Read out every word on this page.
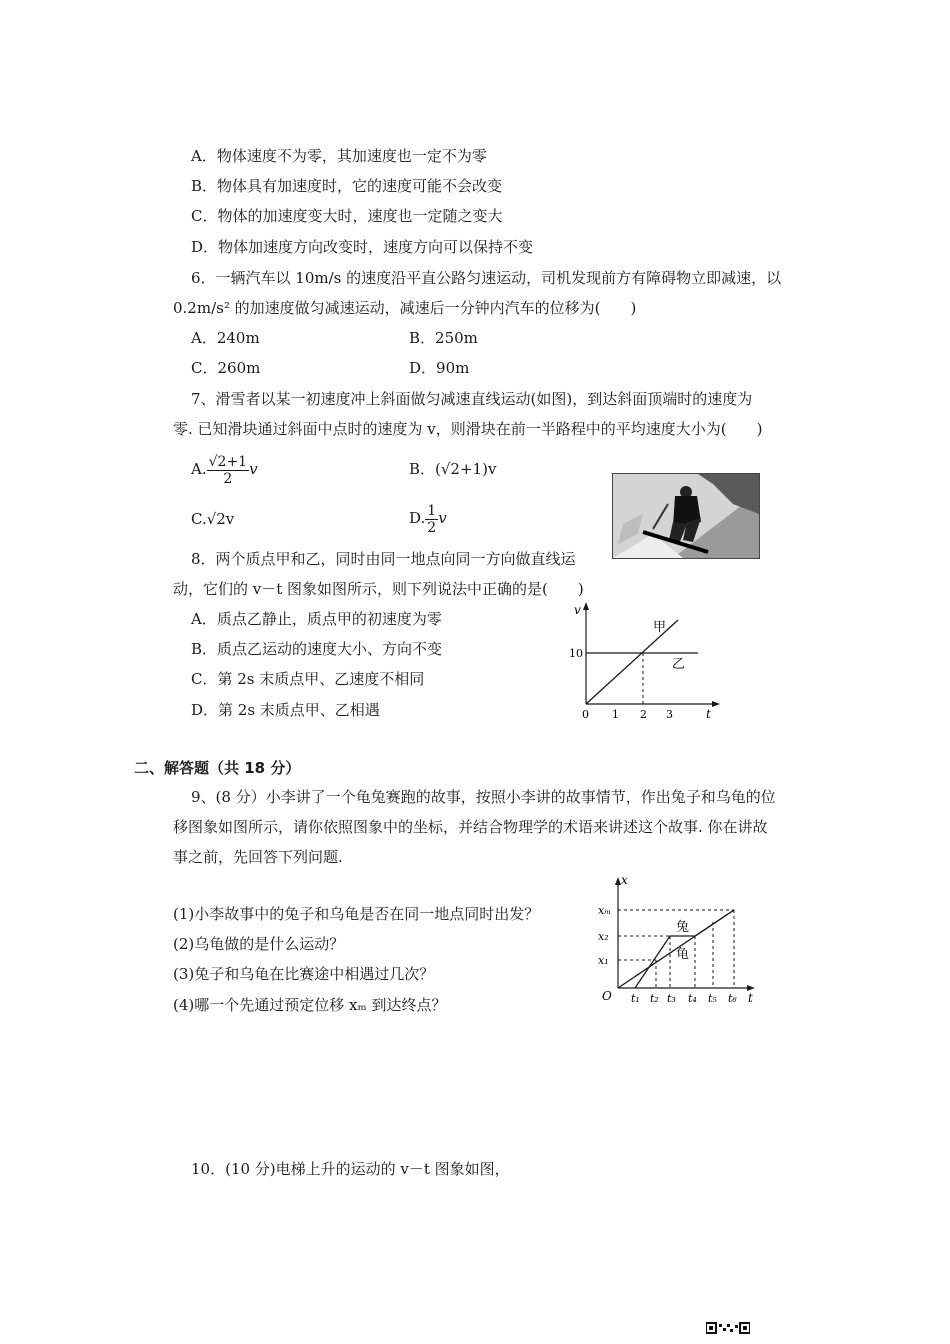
A．物体速度不为零，其加速度也一定不为零
B．物体具有加速度时，它的速度可能不会改变
C．物体的加速度变大时，速度也一定随之变大
D．物体加速度方向改变时，速度方向可以保持不变
6．一辆汽车以 10m/s 的速度沿平直公路匀速运动，司机发现前方有障碍物立即减速，以
0.2m/s² 的加速度做匀减速运动，减速后一分钟内汽车的位移为(　　)
A．240m	B．250m
C．260m	D．90m
7、滑雪者以某一初速度冲上斜面做匀减速直线运动(如图)，到达斜面顶端时的速度为
零. 已知滑块通过斜面中点时的速度为 v，则滑块在前一半路程中的平均速度大小为(　　)
A. $\frac{√2+1}{2}$ v	B．(√2+1)v
C.√2v	D. $\frac{1}{2}$ v
8．两个质点甲和乙，同时由同一地点向同一方向做直线运
动，它们的 v－t 图象如图所示，则下列说法中正确的是(　　)
A．质点乙静止，质点甲的初速度为零
B．质点乙运动的速度大小、方向不变
C．第 2s 末质点甲、乙速度不相同
D．第 2s 末质点甲、乙相遇
v
t
0 1 2 3
10
甲
乙
二、解答题（共 18 分）
9、(8 分）小李讲了一个龟兔赛跑的故事，按照小李讲的故事情节，作出兔子和乌龟的位
移图象如图所示，请你依照图象中的坐标，并结合物理学的术语来讲述这个故事. 你在讲故
事之前，先回答下列问题.
(1)小李故事中的兔子和乌龟是否在同一地点同时出发？
(2)乌龟做的是什么运动？
(3)兔子和乌龟在比赛途中相遇过几次？
(4)哪一个先通过预定位移 xₘ 到达终点？
x
t
O
xₘ
x₂
x₁
t₁ t₂ t₃ t₄ t₅ t₆
兔
龟
10．(10 分)电梯上升的运动的 v－t 图象如图，
